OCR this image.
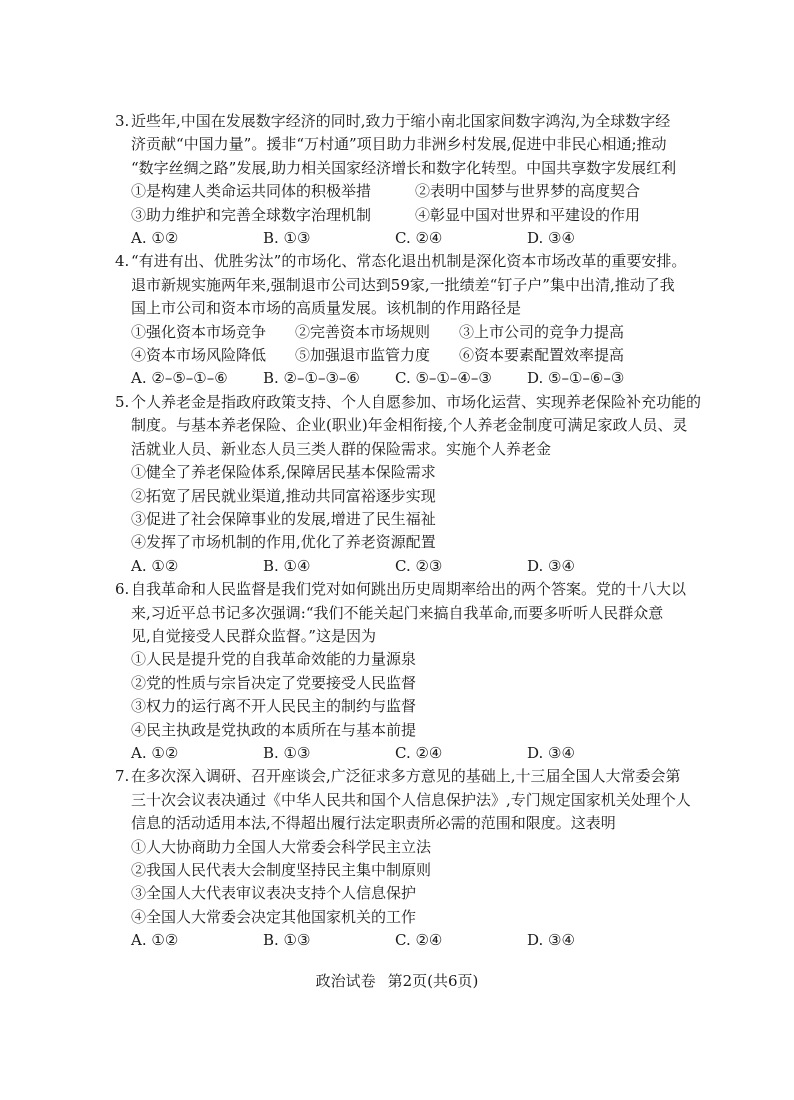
3. 近些年,中国在发展数字经济的同时,致力于缩小南北国家间数字鸿沟,为全球数字经
济贡献“中国力量”。援非“万村通”项目助力非洲乡村发展,促进中非民心相通;推动
“数字丝绸之路”发展,助力相关国家经济增长和数字化转型。中国共享数字发展红利
①是构建人类命运共同体的积极举措	②表明中国梦与世界梦的高度契合
③助力维护和完善全球数字治理机制	④彰显中国对世界和平建设的作用
A. ①②	B. ①③	C. ②④	D. ③④
4. “有进有出、优胜劣汰”的市场化、常态化退出机制是深化资本市场改革的重要安排。
退市新规实施两年来,强制退市公司达到59家,一批绩差“钉子户”集中出清,推动了我
国上市公司和资本市场的高质量发展。该机制的作用路径是
①强化资本市场竞争	②完善资本市场规则	③上市公司的竞争力提高
④资本市场风险降低	⑤加强退市监管力度	⑥资本要素配置效率提高
A. ②–⑤–①–⑥	B. ②–①–③–⑥	C. ⑤–①–④–③	D. ⑤–①–⑥–③
5. 个人养老金是指政府政策支持、个人自愿参加、市场化运营、实现养老保险补充功能的
制度。与基本养老保险、企业(职业)年金相衔接,个人养老金制度可满足家政人员、灵
活就业人员、新业态人员三类人群的保险需求。实施个人养老金
①健全了养老保险体系,保障居民基本保险需求
②拓宽了居民就业渠道,推动共同富裕逐步实现
③促进了社会保障事业的发展,增进了民生福祉
④发挥了市场机制的作用,优化了养老资源配置
A. ①②	B. ①④	C. ②③	D. ③④
6. 自我革命和人民监督是我们党对如何跳出历史周期率给出的两个答案。党的十八大以
来,习近平总书记多次强调:“我们不能关起门来搞自我革命,而要多听听人民群众意
见,自觉接受人民群众监督。”这是因为
①人民是提升党的自我革命效能的力量源泉
②党的性质与宗旨决定了党要接受人民监督
③权力的运行离不开人民民主的制约与监督
④民主执政是党执政的本质所在与基本前提
A. ①②	B. ①③	C. ②④	D. ③④
7. 在多次深入调研、召开座谈会,广泛征求多方意见的基础上,十三届全国人大常委会第
三十次会议表决通过《中华人民共和国个人信息保护法》,专门规定国家机关处理个人
信息的活动适用本法,不得超出履行法定职责所必需的范围和限度。这表明
①人大协商助力全国人大常委会科学民主立法
②我国人民代表大会制度坚持民主集中制原则
③全国人大代表审议表决支持个人信息保护
④全国人大常委会决定其他国家机关的工作
A. ①②	B. ①③	C. ②④	D. ③④
政治试卷 第2页(共6页)
